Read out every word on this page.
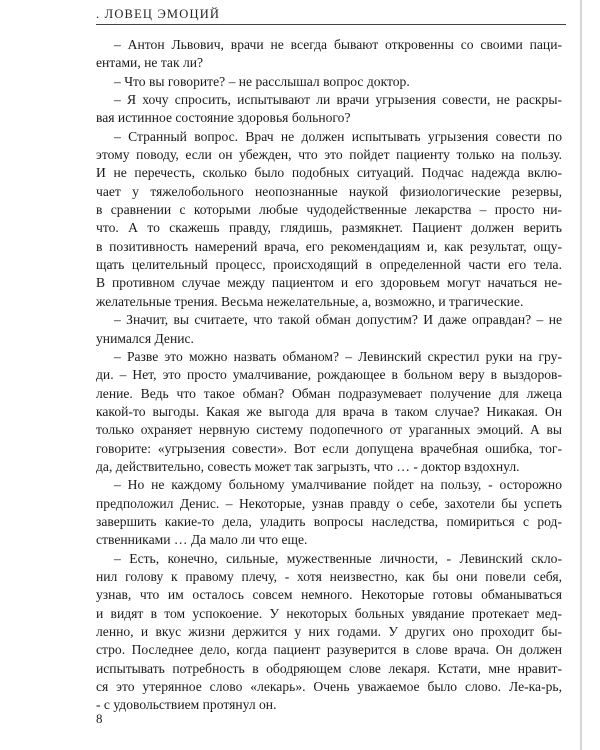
. ЛОВЕЦ ЭМОЦИЙ
– Антон Львович, врачи не всегда бывают откровенны со своими паци-
ентами, не так ли?
– Что вы говорите? – не расслышал вопрос доктор.
– Я хочу спросить, испытывают ли врачи угрызения совести, не раскры-
вая истинное состояние здоровья больного?
– Странный вопрос. Врач не должен испытывать угрызения совести по
этому поводу, если он убежден, что это пойдет пациенту только на пользу.
И не перечесть, сколько было подобных ситуаций. Подчас надежда вклю-
чает у тяжелобольного неопознанные наукой физиологические резервы,
в сравнении с которыми любые чудодейственные лекарства – просто ни-
что. А то скажешь правду, глядишь, размякнет. Пациент должен верить
в позитивность намерений врача, его рекомендациям и, как результат, ощу-
щать целительный процесс, происходящий в определенной части его тела.
В противном случае между пациентом и его здоровьем могут начаться не-
желательные трения. Весьма нежелательные, а, возможно, и трагические.
– Значит, вы считаете, что такой обман допустим? И даже оправдан? – не
унимался Денис.
– Разве это можно назвать обманом? – Левинский скрестил руки на гру-
ди. – Нет, это просто умалчивание, рождающее в больном веру в выздоров-
ление. Ведь что такое обман? Обман подразумевает получение для лжеца
какой-то выгоды. Какая же выгода для врача в таком случае? Никакая. Он
только охраняет нервную систему подопечного от ураганных эмоций. А вы
говорите: «угрызения совести». Вот если допущена врачебная ошибка, тог-
да, действительно, совесть может так загрызть, что … - доктор вздохнул.
– Но не каждому больному умалчивание пойдет на пользу, - осторожно
предположил Денис. – Некоторые, узнав правду о себе, захотели бы успеть
завершить какие-то дела, уладить вопросы наследства, помириться с род-
ственниками … Да мало ли что еще.
– Есть, конечно, сильные, мужественные личности, - Левинский скло-
нил голову к правому плечу, - хотя неизвестно, как бы они повели себя,
узнав, что им осталось совсем немного. Некоторые готовы обманываться
и видят в том успокоение. У некоторых больных увядание протекает мед-
ленно, и вкус жизни держится у них годами. У других оно проходит бы-
стро. Последнее дело, когда пациент разуверится в слове врача. Он должен
испытывать потребность в ободряющем слове лекаря. Кстати, мне нравит-
ся это утерянное слово «лекарь». Очень уважаемое было слово. Ле-ка-рь,
- с удовольствием протянул он.
8
